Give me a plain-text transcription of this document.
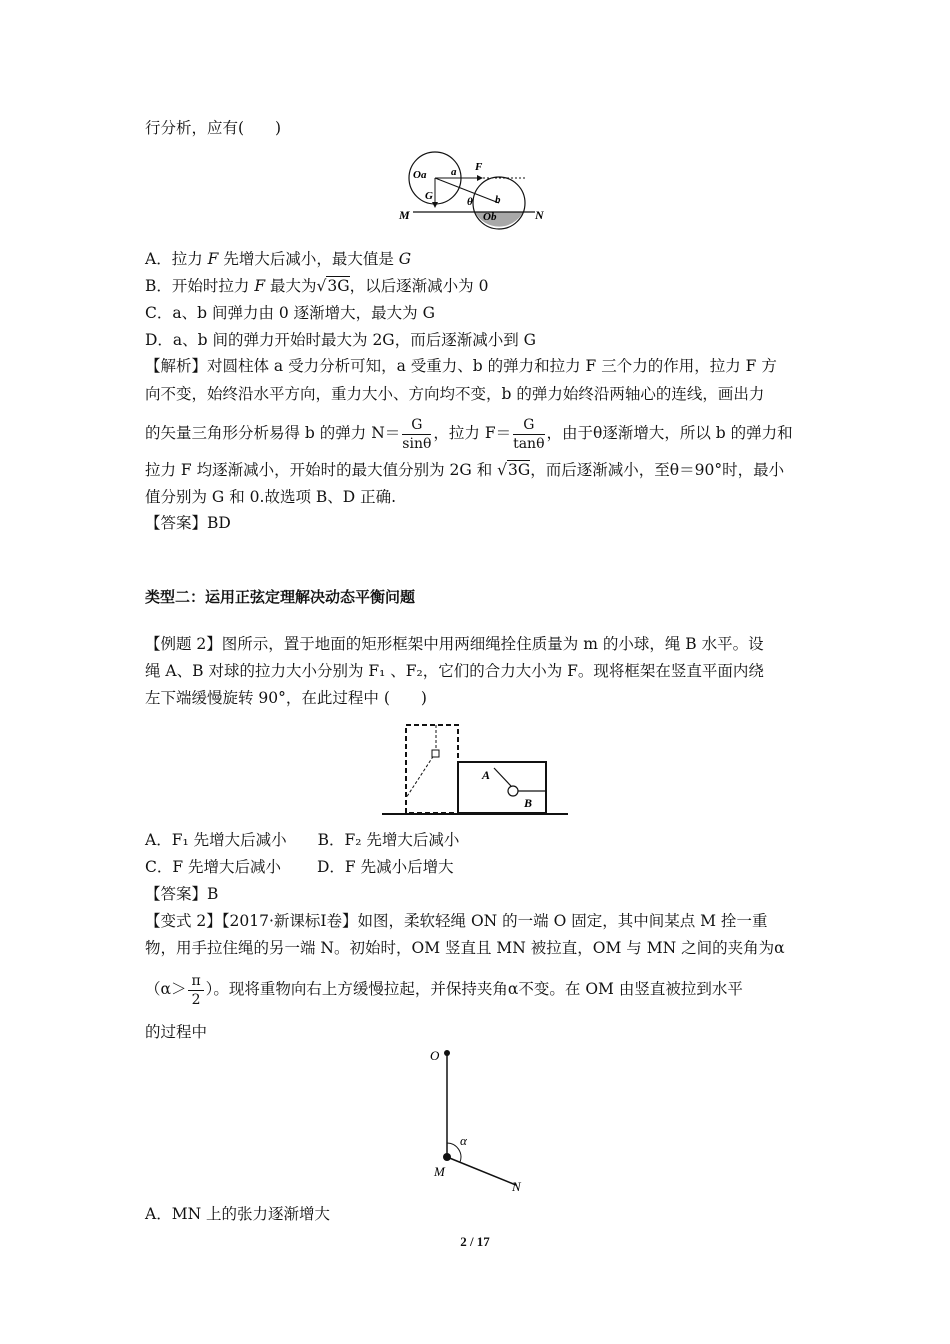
行分析，应有(　　)
Oa a F
G	θ b
Ob
M	N
A．拉力 F 先增大后减小，最大值是 G
B．开始时拉力 F 最大为√3G，以后逐渐减小为 0
C．a、b 间弹力由 0 逐渐增大，最大为 G
D．a、b 间的弹力开始时最大为 2G，而后逐渐减小到 G
【解析】对圆柱体 a 受力分析可知，a 受重力、b 的弹力和拉力 F 三个力的作用，拉力 F 方
向不变，始终沿水平方向，重力大小、方向均不变，b 的弹力始终沿两轴心的连线，画出力
的矢量三角形分析易得 b 的弹力 $N= \frac{G}{\sin\theta}$ ，拉力 $F= \frac{G}{\tan\theta}$ ，由于θ逐渐增大，所以 b 的弹力和
拉力 F 均逐渐减小，开始时的最大值分别为 2G 和 √3G，而后逐渐减小，至θ＝90°时，最小
值分别为 G 和 0.故选项 B、D 正确.
【答案】BD
类型二：运用正弦定理解决动态平衡问题
【例题 2】图所示，置于地面的矩形框架中用两细绳拴住质量为 m 的小球，绳 B 水平。设
绳 A、B 对球的拉力大小分别为 F₁ 、F₂，它们的合力大小为 F。现将框架在竖直平面内绕
左下端缓慢旋转 90°，在此过程中 (　　)
A
B
A．F₁ 先增大后减小　　B．F₂ 先增大后减小
C．F 先增大后减小　　 D．F 先减小后增大
【答案】B
【变式 2】【2017·新课标Ⅰ卷】如图，柔软轻绳 ON 的一端 O 固定，其中间某点 M 拴一重
物，用手拉住绳的另一端 N。初始时，OM 竖直且 MN 被拉直，OM 与 MN 之间的夹角为α
（$\alpha> \frac{\pi}{2}$ ）。现将重物向右上方缓慢拉起，并保持夹角α不变。在 OM 由竖直被拉到水平
的过程中
O
α
M
N
A．MN 上的张力逐渐增大
2 / 17
